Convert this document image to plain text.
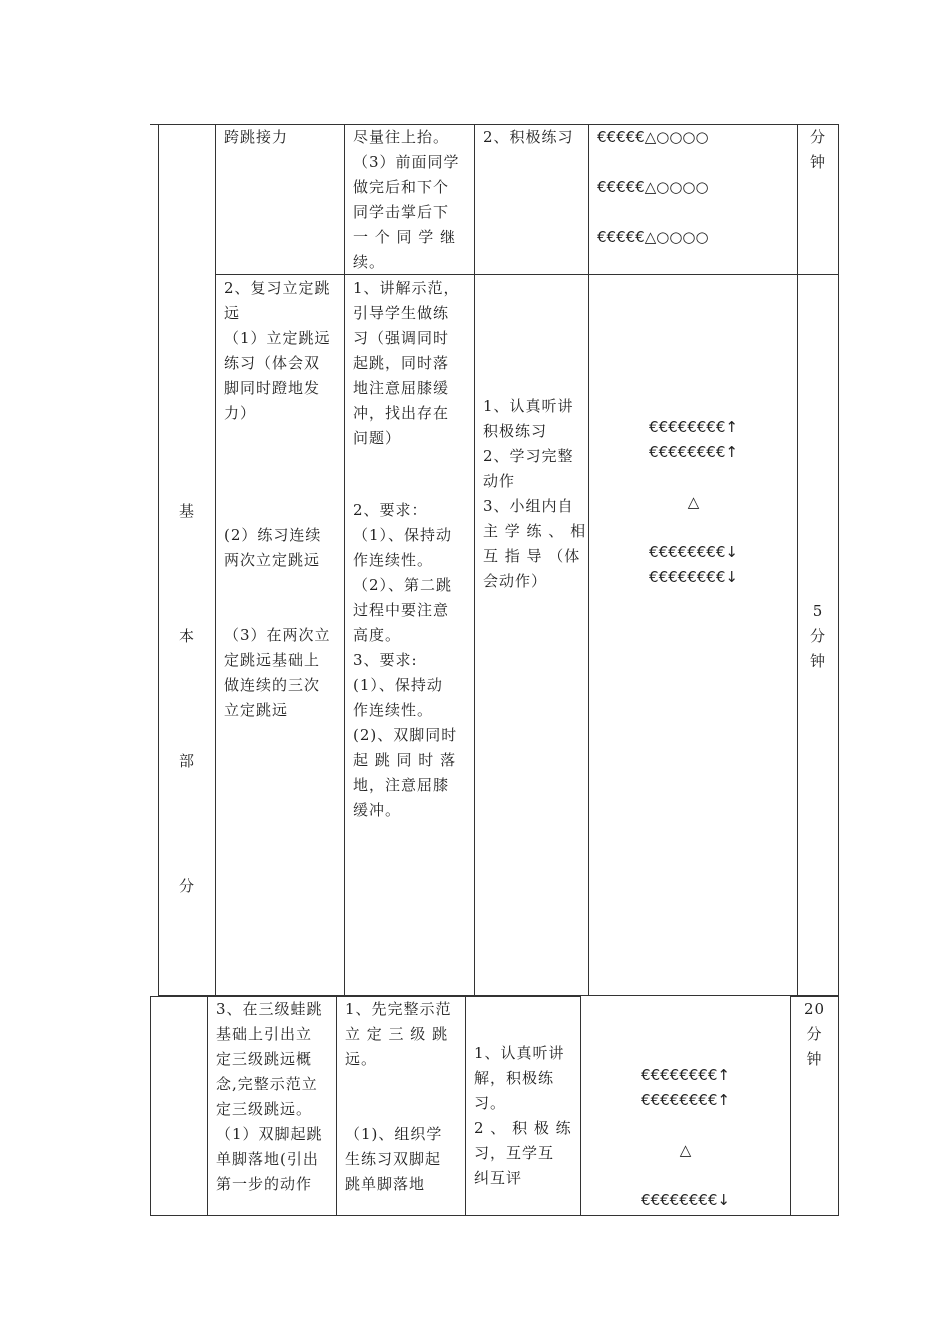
跨跳接力	尽量往上抬。
（3）前面同学
做完后和下个
同学击掌后下
一 个 同 学 继
续。
2、积极练习	€€€€€△○○○○
€€€€€△○○○○
€€€€€△○○○○
分
钟
基
本
部
分
2、复习立定跳
远
（1）立定跳远
练习（体会双
脚同时蹬地发
力）
(2）练习连续
两次立定跳远
（3）在两次立
定跳远基础上
做连续的三次
立定跳远
1、讲解示范，
引导学生做练
习（强调同时
起跳，同时落
地注意屈膝缓
冲，找出存在
问题）
2、要求：
（1）、保持动
作连续性。
（2）、第二跳
过程中要注意
高度。
3、要求:
(1）、保持动
作连续性。
(2)、双脚同时
起 跳 同 时 落
地，注意屈膝
缓冲。
1、认真听讲
积极练习
2、学习完整
动作
3、小组内自
主 学 练 、 相
互 指 导 （体
会动作）
€€€€€€€€↑
€€€€€€€€↑
△
€€€€€€€€↓
€€€€€€€€↓
5
分
钟
3、在三级蛙跳
基础上引出立
定三级跳远概
念,完整示范立
定三级跳远。
（1）双脚起跳
单脚落地(引出
第一步的动作
1、先完整示范
立 定 三 级 跳
远。
（1)、组织学
生练习双脚起
跳单脚落地
1、认真听讲
解，积极练
习。
2 、 积 极 练
习，互学互
纠互评
€€€€€€€€↑
€€€€€€€€↑
△
€€€€€€€€↓
20
分
钟
